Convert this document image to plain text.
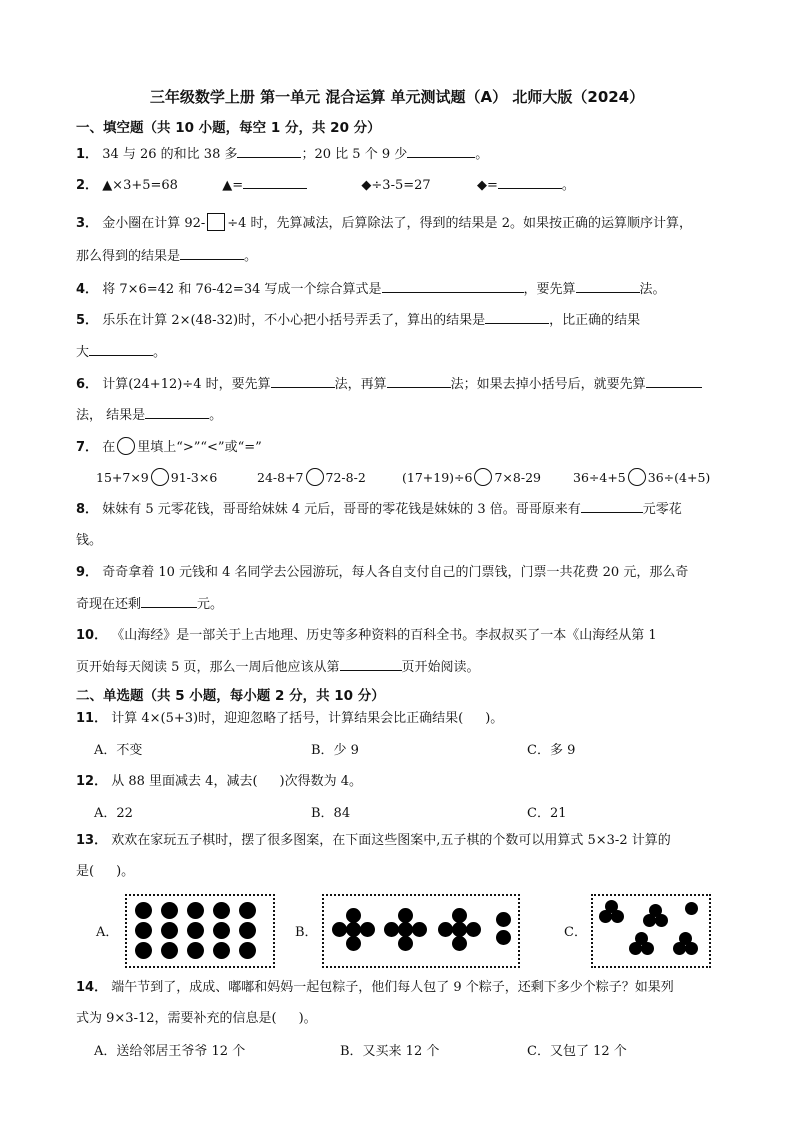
三年级数学上册 第一单元 混合运算 单元测试题（A） 北师大版（2024）
一、填空题（共 10 小题，每空 1 分，共 20 分）
1． 34 与 26 的和比 38 多	；20 比 5 个 9 少	。
2． ▲×3+5=68	▲=	◆÷3-5=27	◆=	。
3． 金小圈在计算 92- ÷4 时，先算减法，后算除法了，得到的结果是 2。如果按正确的运算顺序计算，
那么得到的结果是	。
4． 将 7×6=42 和 76-42=34 写成一个综合算式是	，要先算	法。
5． 乐乐在计算 2×(48-32)时，不小心把小括号弄丢了，算出的结果是	，比正确的结果
大	。
6． 计算(24+12)÷4 时，要先算	法，再算	法；如果去掉小括号后，就要先算
法， 结果是	。
7． 在 里填上“>”“<”或“=”
15+7×9 91-3×6	24-8+7 72-8-2	(17+19)÷6 7×8-29	36÷4+5 36÷(4+5)
8． 妹妹有 5 元零花钱，哥哥给妹妹 4 元后，哥哥的零花钱是妹妹的 3 倍。哥哥原来有	元零花
钱。
9． 奇奇拿着 10 元钱和 4 名同学去公园游玩，每人各自支付自己的门票钱，门票一共花费 20 元，那么奇
奇现在还剩	元。
10． 《山海经》是一部关于上古地理、历史等多种资料的百科全书。李叔叔买了一本《山海经从第 1
页开始每天阅读 5 页，那么一周后他应该从第	页开始阅读。
二、单选题（共 5 小题，每小题 2 分，共 10 分）
11． 计算 4×(5+3)时，迎迎忽略了括号，计算结果会比正确结果( )。
A．不变	B．少 9	C．多 9
12． 从 88 里面减去 4，减去( )次得数为 4。
A．22	B．84	C．21
13． 欢欢在家玩五子棋时，摆了很多图案，在下面这些图案中,五子棋的个数可以用算式 5×3-2 计算的
是( )。
A．	B．	C．
14． 端午节到了，成成、嘟嘟和妈妈一起包粽子，他们每人包了 9 个粽子，还剩下多少个粽子？如果列
式为 9×3-12，需要补充的信息是( )。
A．送给邻居王爷爷 12 个	B．又买来 12 个	C．又包了 12 个
